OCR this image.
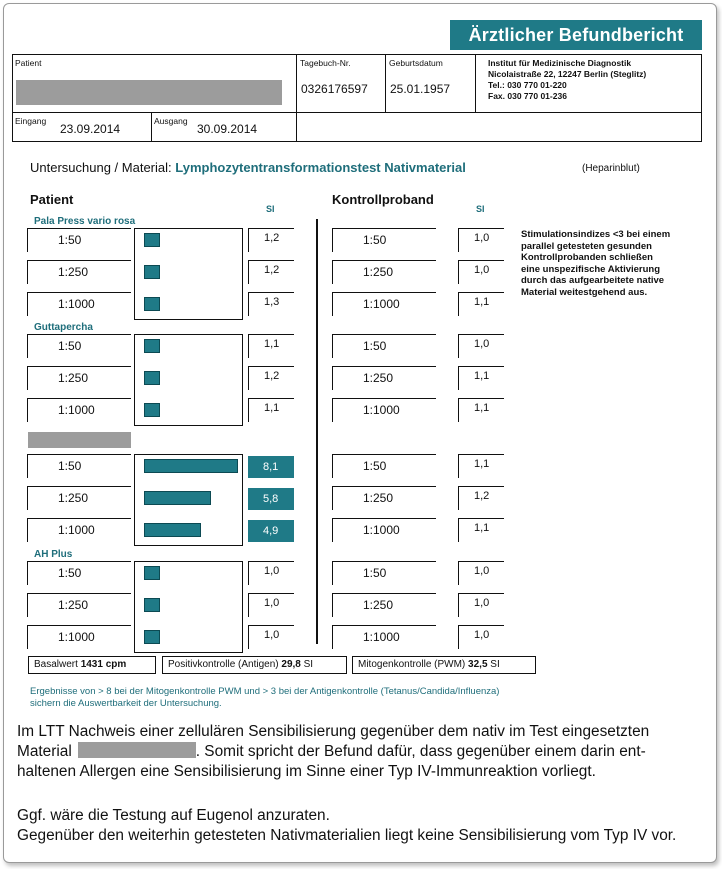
Ärztlicher Befundbericht
Patient	Tagebuch-Nr.
0326176597
Geburtsdatum
25.01.1957
Institut für Medizinische Diagnostik
Nicolaistraße 22, 12247 Berlin (Steglitz)
Tel.: 030 770 01-220
Fax. 030 770 01-236
Eingang
23.09.2014
Ausgang
30.09.2014
Untersuchung / Material: Lymphozytentransformationstest Nativmaterial	(Heparinblut)
Patient
SI
Kontrollproband
SI
Stimulationsindizes <3 bei einem
parallel getesteten gesunden
Kontrollprobanden schließen
eine unspezifische Aktivierung
durch das aufgearbeitete native
Material weitestgehend aus.
Pala Press vario rosa
1:50	1,2	1:50	1,0
1:250	1,2	1:250	1,0
1:1000	1,3	1:1000	1,1
Guttapercha
1:50	1,1	1:50	1,0
1:250	1,2	1:250	1,1
1:1000	1,1	1:1000	1,1
1:50	8,1	1:50	1,1
1:250	5,8	1:250	1,2
1:1000	4,9	1:1000	1,1
AH Plus
1:50	1,0	1:50	1,0
1:250	1,0	1:250	1,0
1:1000	1,0	1:1000	1,0
Basalwert 1431 cpm	Positivkontrolle (Antigen) 29,8 SI	Mitogenkontrolle (PWM) 32,5 SI
Ergebnisse von > 8 bei der Mitogenkontrolle PWM und > 3 bei der Antigenkontrolle (Tetanus/Candida/Influenza)
sichern die Auswertbarkeit der Untersuchung.
Im LTT Nachweis einer zellulären Sensibilisierung gegenüber dem nativ im Test eingesetzten
Material	. Somit spricht der Befund dafür, dass gegenüber einem darin ent-
haltenen Allergen eine Sensibilisierung im Sinne einer Typ IV-Immunreaktion vorliegt.
Ggf. wäre die Testung auf Eugenol anzuraten.
Gegenüber den weiterhin getesteten Nativmaterialien liegt keine Sensibilisierung vom Typ IV vor.
